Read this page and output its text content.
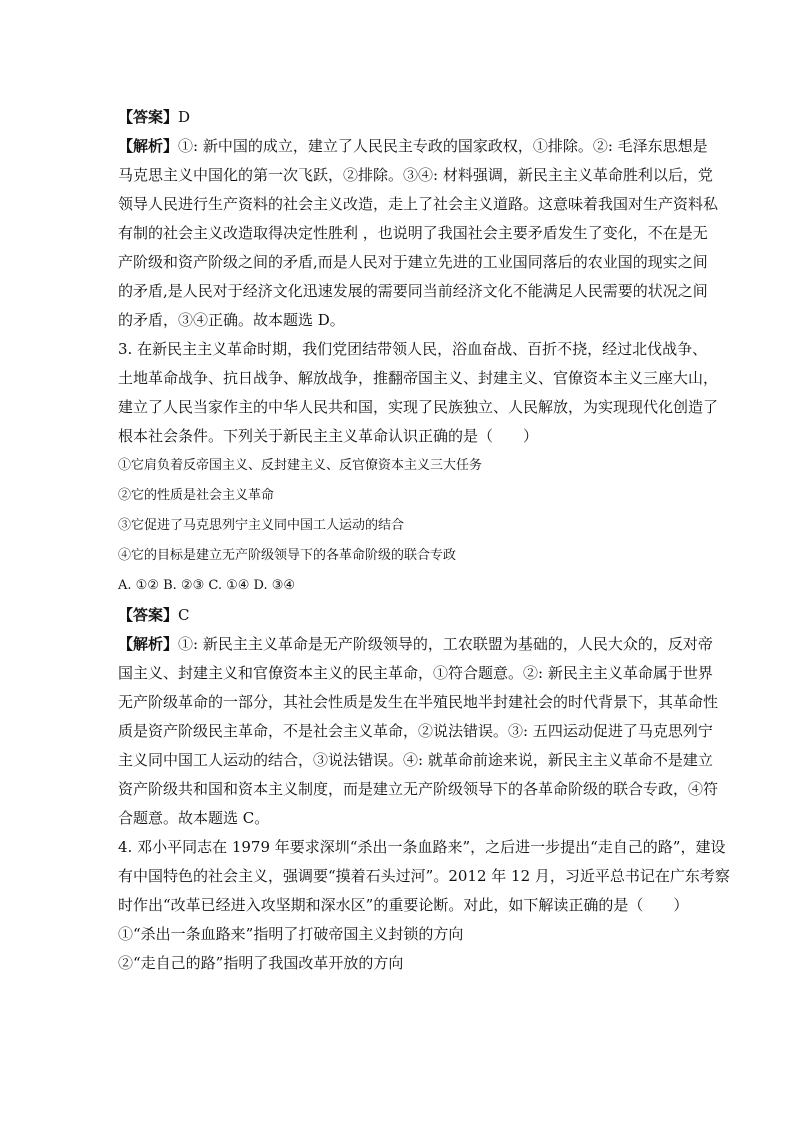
【答案】D
【解析】①: 新中国的成立，建立了人民民主专政的国家政权，①排除。②: 毛泽东思想是
马克思主义中国化的第一次飞跃，②排除。③④: 材料强调，新民主主义革命胜利以后，党
领导人民进行生产资料的社会主义改造，走上了社会主义道路。这意味着我国对生产资料私
有制的社会主义改造取得决定性胜利 ，也说明了我国社会主要矛盾发生了变化，不在是无
产阶级和资产阶级之间的矛盾,而是人民对于建立先进的工业国同落后的农业国的现实之间
的矛盾,是人民对于经济文化迅速发展的需要同当前经济文化不能满足人民需要的状况之间
的矛盾，③④正确。故本题选 D。
3. 在新民主主义革命时期，我们党团结带领人民，浴血奋战、百折不挠，经过北伐战争、
土地革命战争、抗日战争、解放战争，推翻帝国主义、封建主义、官僚资本主义三座大山，
建立了人民当家作主的中华人民共和国，实现了民族独立、人民解放，为实现现代化创造了
根本社会条件。下列关于新民主主义革命认识正确的是（　　）
①它肩负着反帝国主义、反封建主义、反官僚资本主义三大任务
②它的性质是社会主义革命
③它促进了马克思列宁主义同中国工人运动的结合
④它的目标是建立无产阶级领导下的各革命阶级的联合专政
A. ①② B. ②③ C. ①④ D. ③④
【答案】C
【解析】①: 新民主主义革命是无产阶级领导的，工农联盟为基础的，人民大众的，反对帝
国主义、封建主义和官僚资本主义的民主革命，①符合题意。②: 新民主主义革命属于世界
无产阶级革命的一部分，其社会性质是发生在半殖民地半封建社会的时代背景下，其革命性
质是资产阶级民主革命，不是社会主义革命，②说法错误。③: 五四运动促进了马克思列宁
主义同中国工人运动的结合，③说法错误。④: 就革命前途来说，新民主主义革命不是建立
资产阶级共和国和资本主义制度，而是建立无产阶级领导下的各革命阶级的联合专政，④符
合题意。故本题选 C。
4. 邓小平同志在 1979 年要求深圳“杀出一条血路来”，之后进一步提出“走自己的路”，建设
有中国特色的社会主义，强调要“摸着石头过河”。2012 年 12 月，习近平总书记在广东考察
时作出“改革已经进入攻坚期和深水区”的重要论断。对此，如下解读正确的是（　　）
①“杀出一条血路来”指明了打破帝国主义封锁的方向
②“走自己的路”指明了我国改革开放的方向
